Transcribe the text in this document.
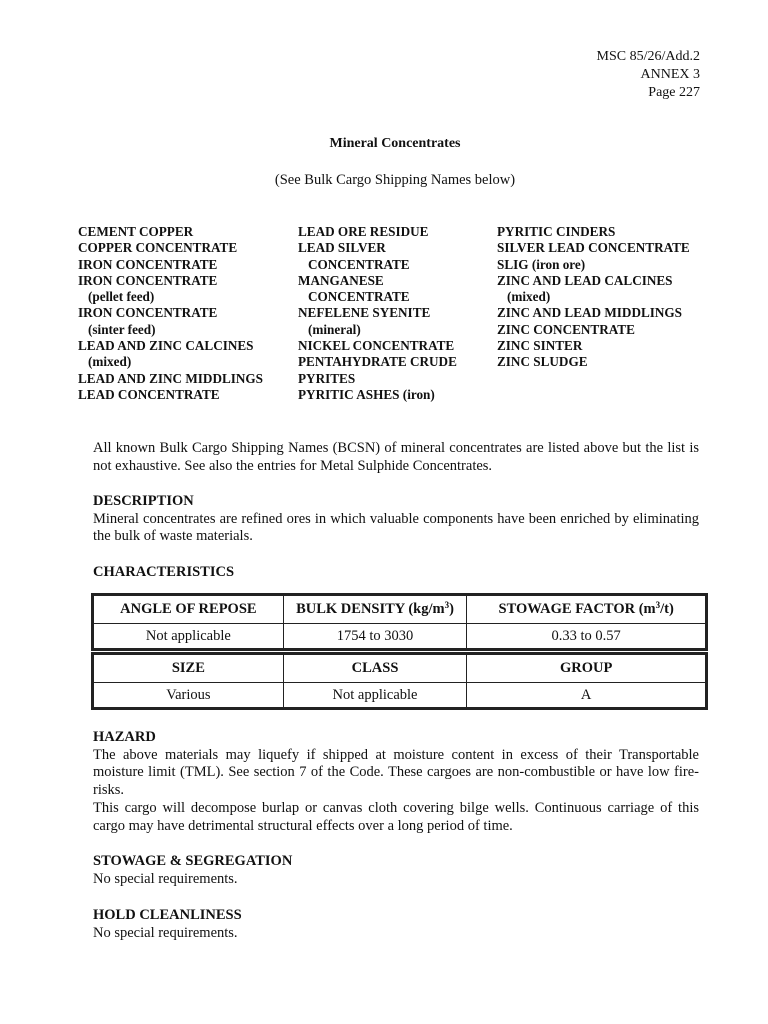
MSC 85/26/Add.2
ANNEX 3
Page 227
Mineral Concentrates
(See Bulk Cargo Shipping Names below)
CEMENT COPPER
COPPER CONCENTRATE
IRON CONCENTRATE
IRON CONCENTRATE
(pellet feed)
IRON CONCENTRATE
(sinter feed)
LEAD AND ZINC CALCINES
(mixed)
LEAD AND ZINC MIDDLINGS
LEAD CONCENTRATE
LEAD ORE RESIDUE
LEAD SILVER
CONCENTRATE
MANGANESE
CONCENTRATE
NEFELENE SYENITE
(mineral)
NICKEL CONCENTRATE
PENTAHYDRATE CRUDE
PYRITES
PYRITIC ASHES (iron)
PYRITIC CINDERS
SILVER LEAD CONCENTRATE
SLIG (iron ore)
ZINC AND LEAD CALCINES
(mixed)
ZINC AND LEAD MIDDLINGS
ZINC CONCENTRATE
ZINC SINTER
ZINC SLUDGE
All known Bulk Cargo Shipping Names (BCSN) of mineral concentrates are listed above but the list is not exhaustive. See also the entries for Metal Sulphide Concentrates.
DESCRIPTION
Mineral concentrates are refined ores in which valuable components have been enriched by eliminating the bulk of waste materials.
CHARACTERISTICS
ANGLE OF REPOSE	BULK DENSITY $(kg/m^3)$	STOWAGE FACTOR $(m^3/t)$
Not applicable	1754 to 3030	0.33 to 0.57
SIZE	CLASS	GROUP
Various	Not applicable	A
HAZARD
The above materials may liquefy if shipped at moisture content in excess of their Transportable moisture limit (TML). See section 7 of the Code. These cargoes are non-combustible or have low fire-risks.
This cargo will decompose burlap or canvas cloth covering bilge wells. Continuous carriage of this cargo may have detrimental structural effects over a long period of time.
STOWAGE & SEGREGATION
No special requirements.
HOLD CLEANLINESS
No special requirements.
